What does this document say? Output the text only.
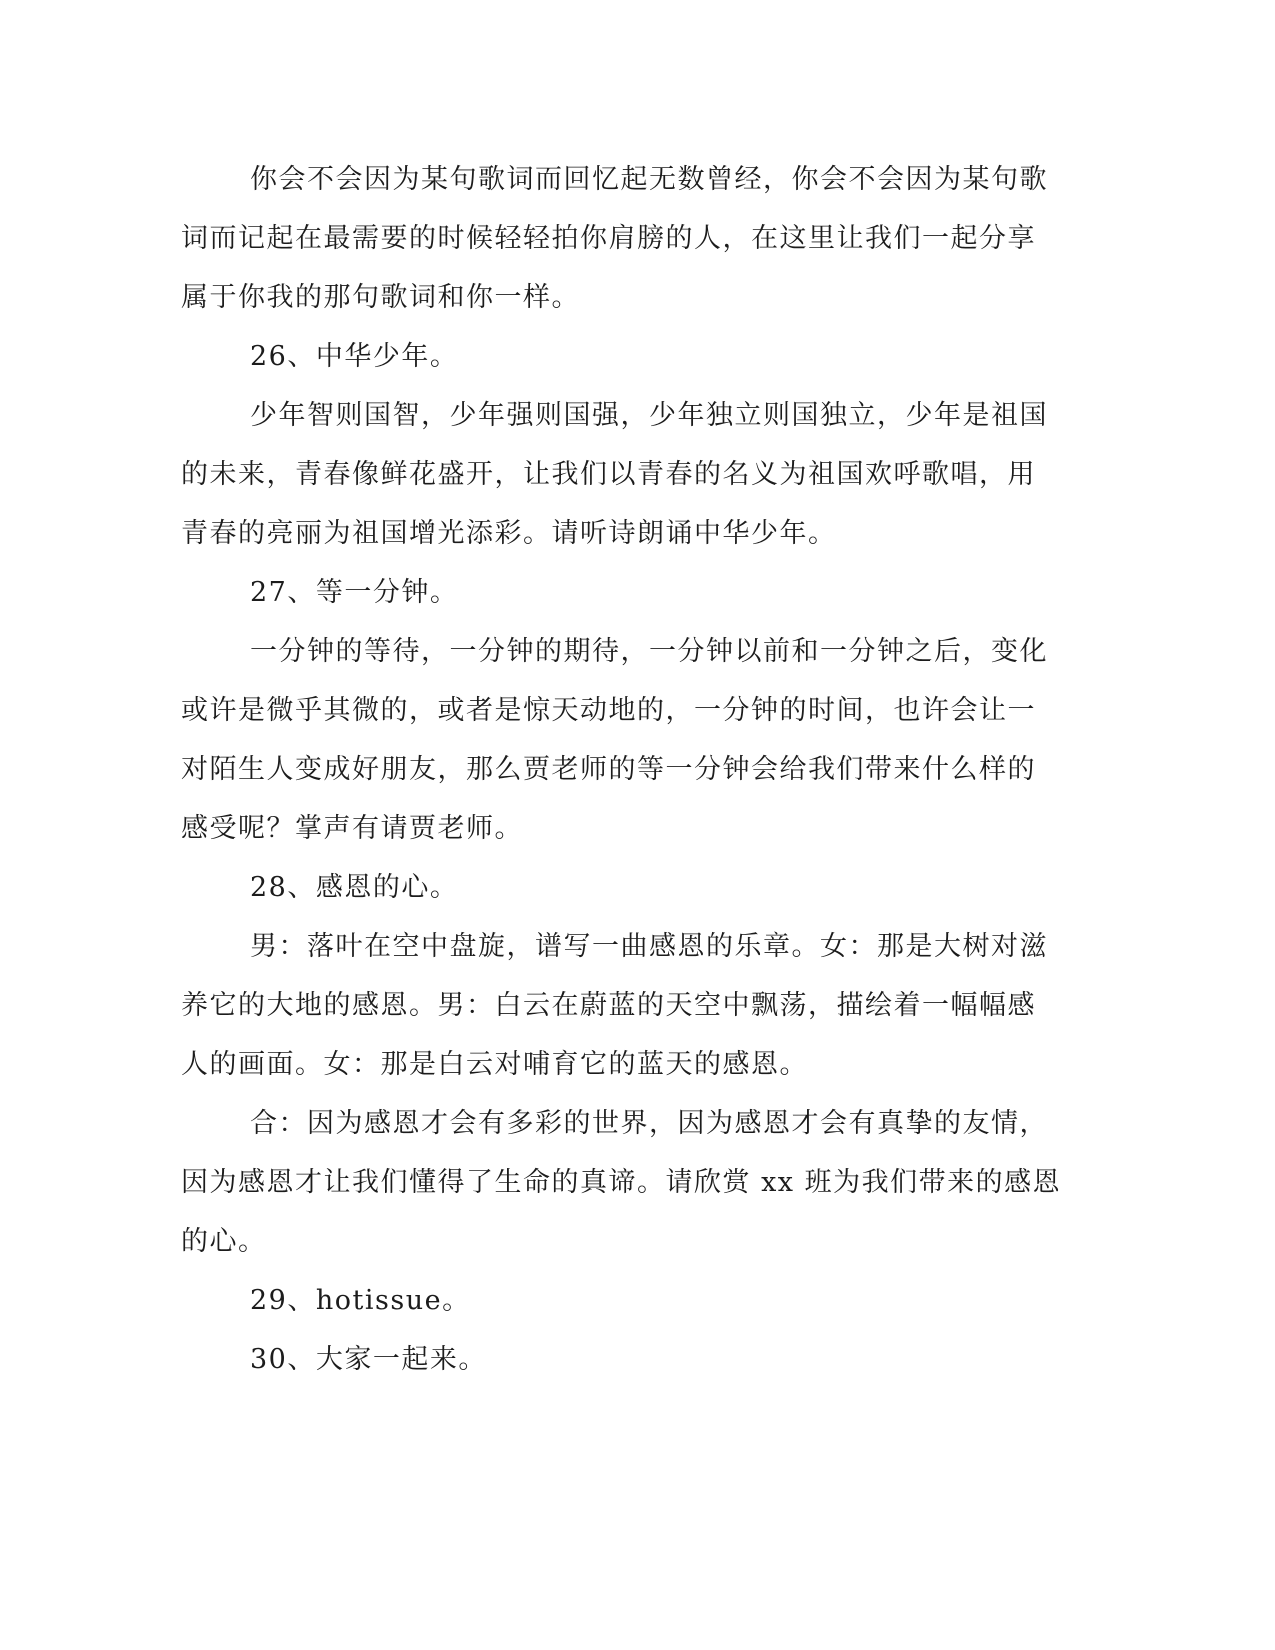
你会不会因为某句歌词而回忆起无数曾经，你会不会因为某句歌

词而记起在最需要的时候轻轻拍你肩膀的人，在这里让我们一起分享

属于你我的那句歌词和你一样。

26、中华少年。

少年智则国智，少年强则国强，少年独立则国独立，少年是祖国

的未来，青春像鲜花盛开，让我们以青春的名义为祖国欢呼歌唱，用

青春的亮丽为祖国增光添彩。请听诗朗诵中华少年。

27、等一分钟。

一分钟的等待，一分钟的期待，一分钟以前和一分钟之后，变化

或许是微乎其微的，或者是惊天动地的，一分钟的时间，也许会让一

对陌生人变成好朋友，那么贾老师的等一分钟会给我们带来什么样的

感受呢？掌声有请贾老师。

28、感恩的心。

男：落叶在空中盘旋，谱写一曲感恩的乐章。女：那是大树对滋

养它的大地的感恩。男：白云在蔚蓝的天空中飘荡，描绘着一幅幅感

人的画面。女：那是白云对哺育它的蓝天的感恩。

合：因为感恩才会有多彩的世界，因为感恩才会有真挚的友情，

因为感恩才让我们懂得了生命的真谛。请欣赏 xx 班为我们带来的感恩

的心。

29、hotissue。

30、大家一起来。
